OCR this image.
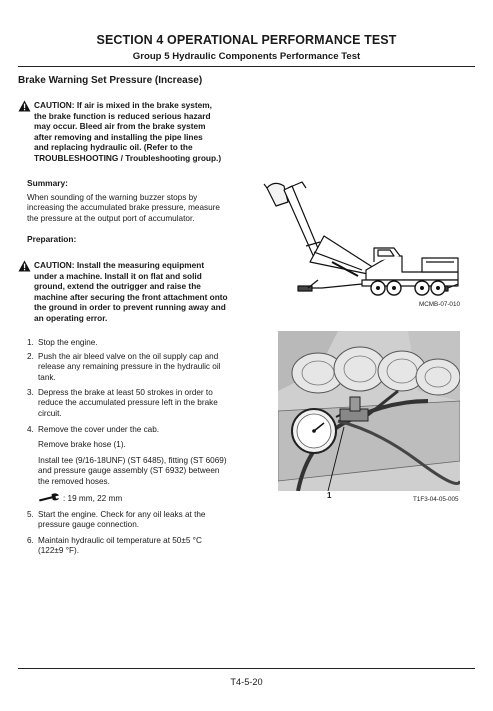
SECTION 4 OPERATIONAL PERFORMANCE TEST
Group 5 Hydraulic Components Performance Test
Brake Warning Set Pressure (Increase)
CAUTION: If air is mixed in the brake system,
the brake function is reduced serious hazard
may occur. Bleed air from the brake system
after removing and installing the pipe lines
and replacing hydraulic oil. (Refer to the
TROUBLESHOOTING / Troubleshooting group.)
Summary:
When sounding of the warning buzzer stops by
increasing the accumulated brake pressure, measure
the pressure at the output port of accumulator.
Preparation:
CAUTION: Install the measuring equipment
under a machine. Install it on flat and solid
ground, extend the outrigger and raise the
machine after securing the front attachment onto
the ground in order to prevent running away and
an operating error.
1. Stop the engine.
2. Push the air bleed valve on the oil supply cap and
release any remaining pressure in the hydraulic oil
tank.
3. Depress the brake at least 50 strokes in order to
reduce the accumulated pressure left in the brake
circuit.
4. Remove the cover under the cab.
Remove brake hose (1).
Install tee (9/16-18UNF) (ST 6485), fitting (ST 6069)
and pressure gauge assembly (ST 6932) between
the removed hoses.
: 19 mm, 22 mm
5. Start the engine. Check for any oil leaks at the
pressure gauge connection.
6. Maintain hydraulic oil temperature at 50±5 °C
(122±9 °F).
MCMB-07-010
1	T1F3-04-05-005
T4-5-20
